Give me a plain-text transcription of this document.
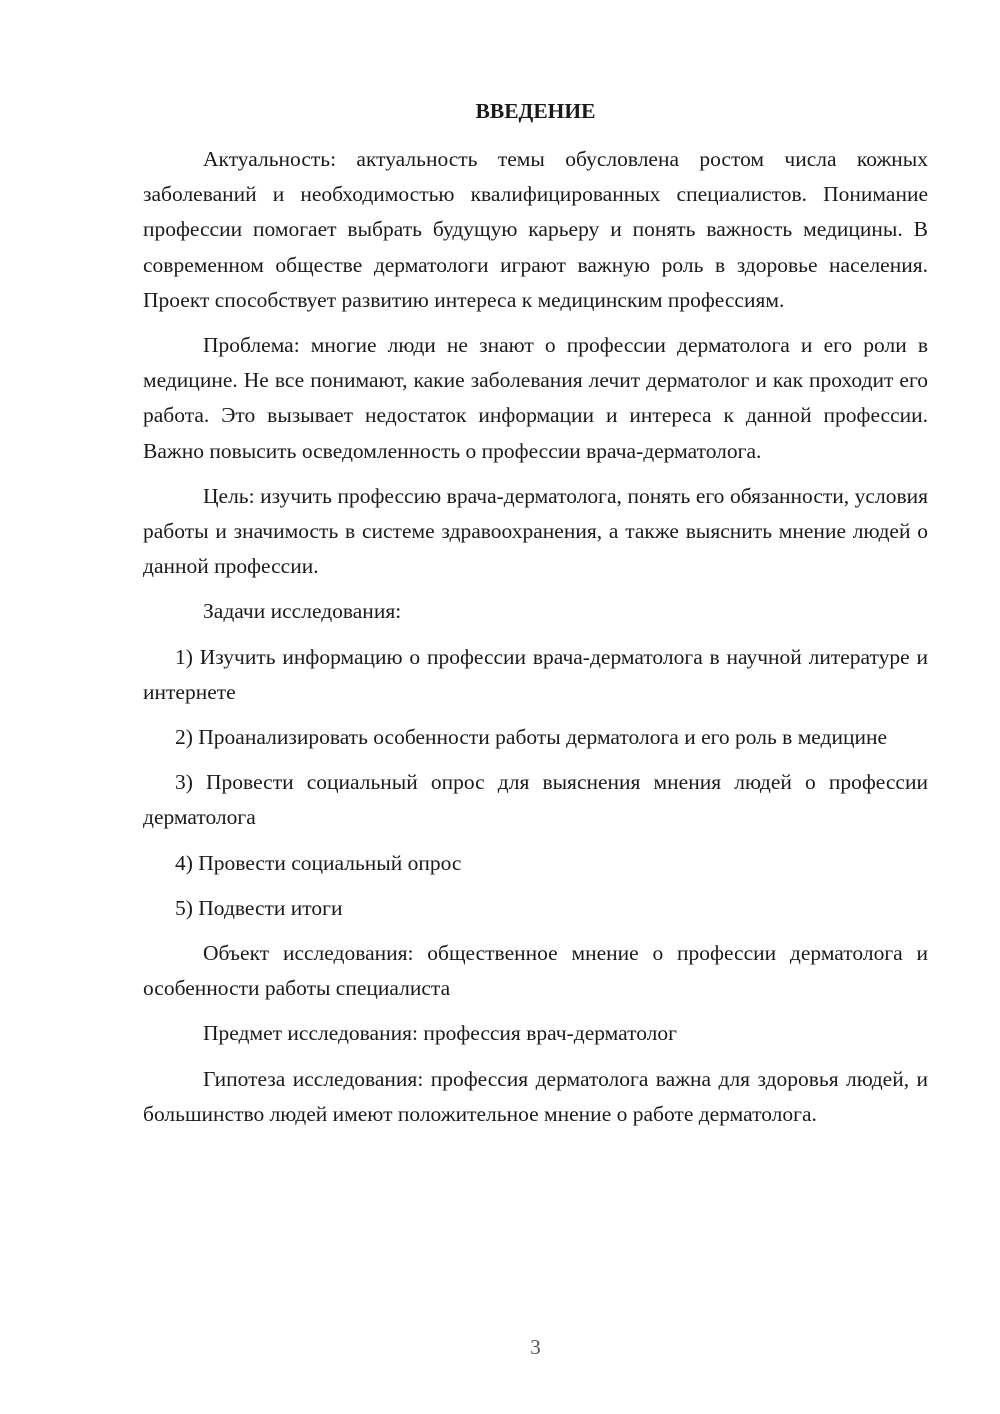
ВВЕДЕНИЕ

Актуальность: актуальность темы обусловлена ростом числа кожных заболеваний и необходимостью квалифицированных специалистов. Понимание профессии помогает выбрать будущую карьеру и понять важность медицины. В современном обществе дерматологи играют важную роль в здоровье населения. Проект способствует развитию интереса к медицинским профессиям.

Проблема: многие люди не знают о профессии дерматолога и его роли в медицине. Не все понимают, какие заболевания лечит дерматолог и как проходит его работа. Это вызывает недостаток информации и интереса к данной профессии. Важно повысить осведомленность о профессии врача-дерматолога.

Цель: изучить профессию врача-дерматолога, понять его обязанности, условия работы и значимость в системе здравоохранения, а также выяснить мнение людей о данной профессии.

Задачи исследования:

1) Изучить информацию о профессии врача-дерматолога в научной литературе и интернете

2) Проанализировать особенности работы дерматолога и его роль в медицине

3) Провести социальный опрос для выяснения мнения людей о профессии дерматолога

4) Провести социальный опрос

5) Подвести итоги

Объект исследования: общественное мнение о профессии дерматолога и особенности работы специалиста

Предмет исследования: профессия врач-дерматолог

Гипотеза исследования: профессия дерматолога важна для здоровья людей, и большинство людей имеют положительное мнение о работе дерматолога.

3
